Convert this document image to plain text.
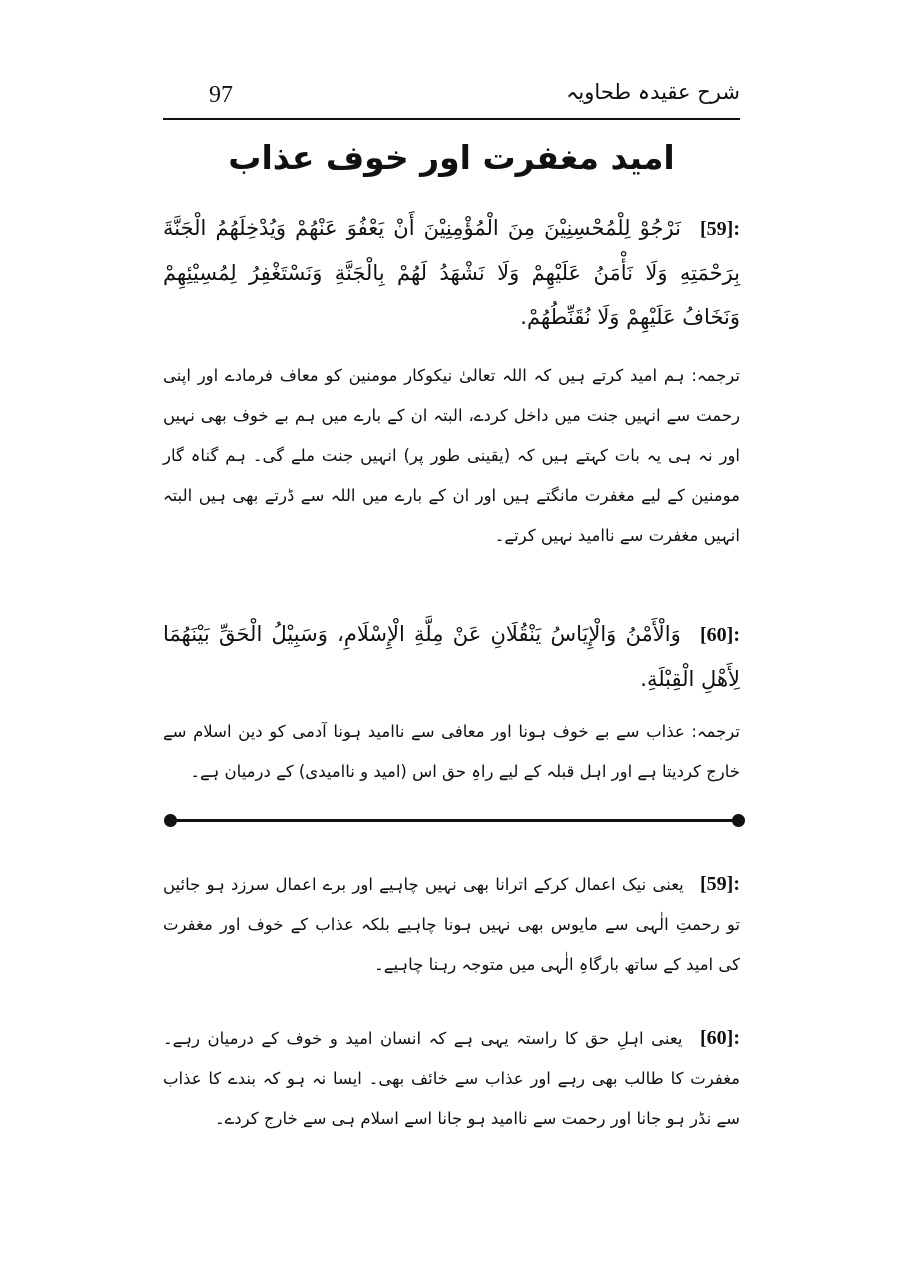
شرح عقیدہ طحاویہ
97
امید مغفرت اور خوف عذاب
[59]: نَرْجُوْ لِلْمُحْسِنِيْنَ مِنَ الْمُؤْمِنِيْنَ أَنْ يَعْفُوَ عَنْهُمْ وَيُدْخِلَهُمُ الْجَنَّةَ بِرَحْمَتِهِ وَلَا نَأْمَنُ عَلَيْهِمْ وَلَا نَشْهَدُ لَهُمْ بِالْجَنَّةِ وَنَسْتَغْفِرُ لِمُسِيْئِهِمْ وَنَخَافُ عَلَيْهِمْ وَلَا نُقَنِّطُهُمْ.
ترجمہ: ہم امید کرتے ہیں کہ اللہ تعالیٰ نیکوکار مومنین کو معاف فرمادے اور اپنی رحمت سے انہیں جنت میں داخل کردے، البتہ ان کے بارے میں ہم بے خوف بھی نہیں اور نہ ہی یہ بات کہتے ہیں کہ (یقینی طور پر) انہیں جنت ملے گی۔ ہم گناہ گار مومنین کے لیے مغفرت مانگتے ہیں اور ان کے بارے میں اللہ سے ڈرتے بھی ہیں البتہ انہیں مغفرت سے ناامید نہیں کرتے۔
[60]: وَالْأَمْنُ وَالْإِيَاسُ يَنْقُلَانِ عَنْ مِلَّةِ الْإِسْلَامِ، وَسَبِيْلُ الْحَقِّ بَيْنَهُمَا لِأَهْلِ الْقِبْلَةِ.
ترجمہ: عذاب سے بے خوف ہونا اور معافی سے ناامید ہونا آدمی کو دین اسلام سے خارج کردیتا ہے اور اہل قبلہ کے لیے راہِ حق اس (امید و ناامیدی) کے درمیان ہے۔
[59]: یعنی نیک اعمال کرکے اترانا بھی نہیں چاہیے اور برے اعمال سرزد ہو جائیں تو رحمتِ الٰہی سے مایوس بھی نہیں ہونا چاہیے بلکہ عذاب کے خوف اور مغفرت کی امید کے ساتھ بارگاہِ الٰہی میں متوجہ رہنا چاہیے۔
[60]: یعنی اہلِ حق کا راستہ یہی ہے کہ انسان امید و خوف کے درمیان رہے۔ مغفرت کا طالب بھی رہے اور عذاب سے خائف بھی۔ ایسا نہ ہو کہ بندے کا عذاب سے نڈر ہو جانا اور رحمت سے ناامید ہو جانا اسے اسلام ہی سے خارج کردے۔
